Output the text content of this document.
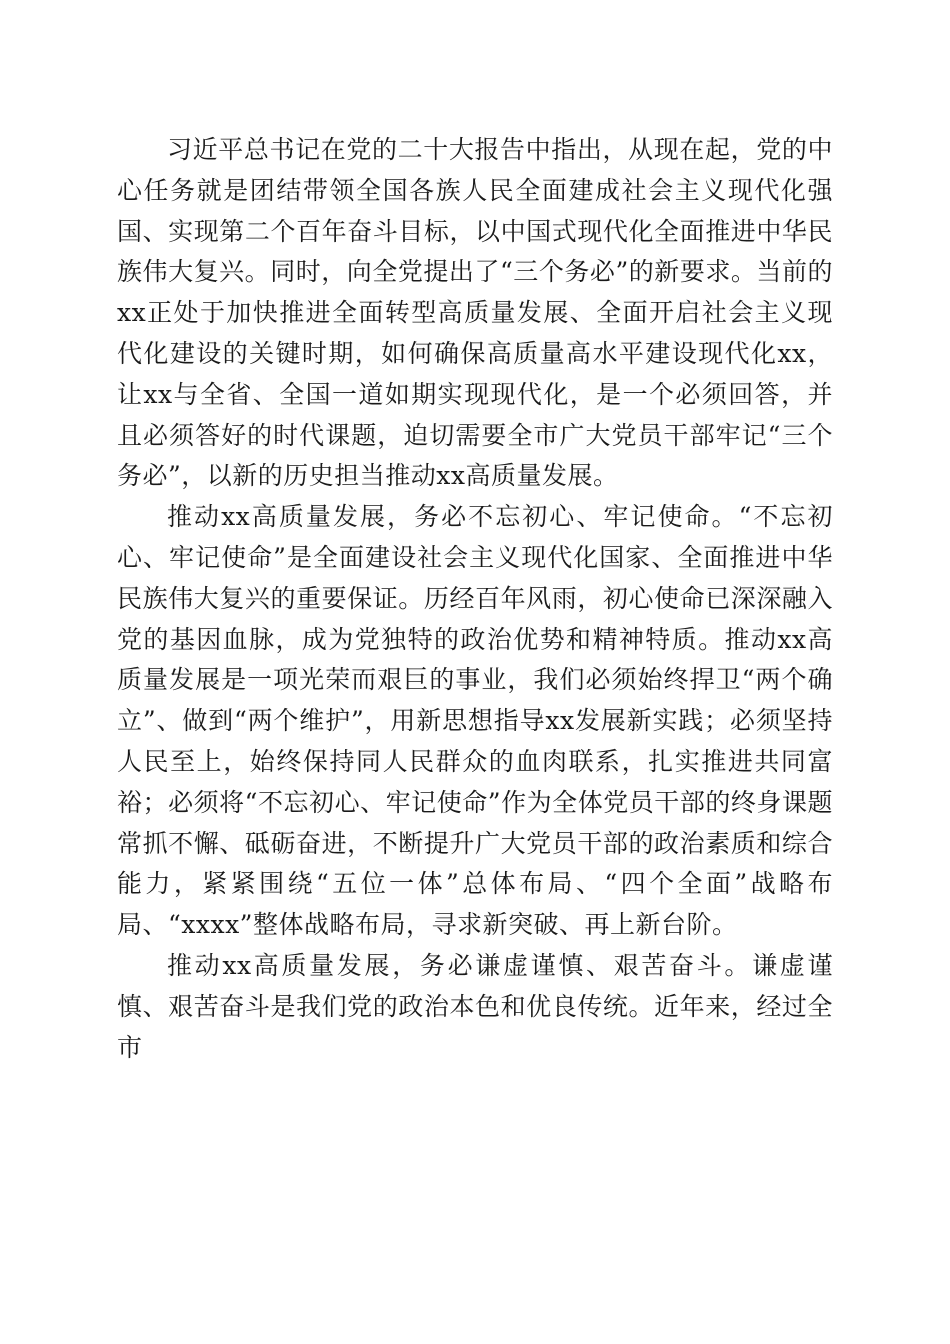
习近平总书记在党的二十大报告中指出，从现在起，党的中心任务就是团结带领全国各族人民全面建成社会主义现代化强国、实现第二个百年奋斗目标，以中国式现代化全面推进中华民族伟大复兴。同时，向全党提出了“三个务必”的新要求。当前的xx正处于加快推进全面转型高质量发展、全面开启社会主义现代化建设的关键时期，如何确保高质量高水平建设现代化xx，让xx与全省、全国一道如期实现现代化，是一个必须回答，并且必须答好的时代课题，迫切需要全市广大党员干部牢记“三个务必”，以新的历史担当推动xx高质量发展。

推动xx高质量发展，务必不忘初心、牢记使命。“不忘初心、牢记使命”是全面建设社会主义现代化国家、全面推进中华民族伟大复兴的重要保证。历经百年风雨，初心使命已深深融入党的基因血脉，成为党独特的政治优势和精神特质。推动xx高质量发展是一项光荣而艰巨的事业，我们必须始终捍卫“两个确立”、做到“两个维护”，用新思想指导xx发展新实践；必须坚持人民至上，始终保持同人民群众的血肉联系，扎实推进共同富裕；必须将“不忘初心、牢记使命”作为全体党员干部的终身课题常抓不懈、砥砺奋进，不断提升广大党员干部的政治素质和综合能力，紧紧围绕“五位一体”总体布局、“四个全面”战略布局、“xxxx”整体战略布局，寻求新突破、再上新台阶。

推动xx高质量发展，务必谦虚谨慎、艰苦奋斗。谦虚谨慎、艰苦奋斗是我们党的政治本色和优良传统。近年来，经过全市
